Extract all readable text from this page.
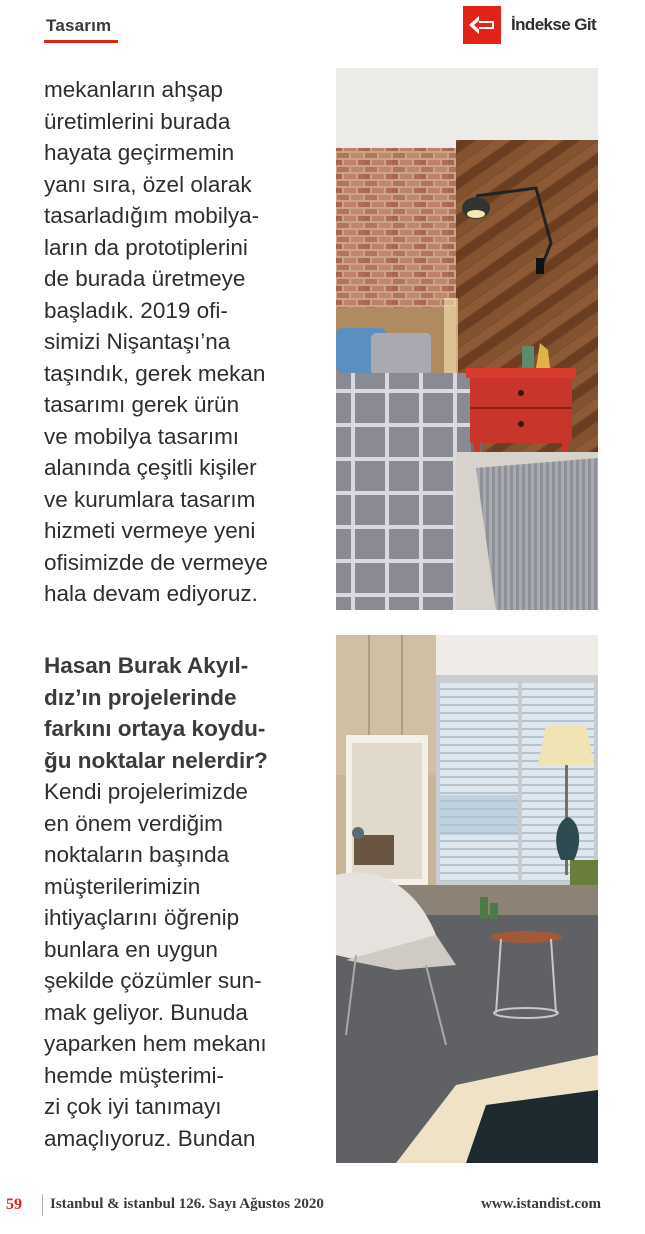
Tasarım	İndekse Git

mekanların ahşap
üretimlerini burada
hayata geçirmemin
yanı sıra, özel olarak
tasarladığım mobilya-
ların da prototiplerini
de burada üretmeye
başladık. 2019 ofi-
simizi Nişantaşı’na
taşındık, gerek mekan
tasarımı gerek ürün
ve mobilya tasarımı
alanında çeşitli kişiler
ve kurumlara tasarım
hizmeti vermeye yeni
ofisimizde de vermeye
hala devam ediyoruz.

Hasan Burak Akyıl-
dız’ın projelerinde
farkını ortaya koydu-
ğu noktalar nelerdir?

Kendi projelerimizde
en önem verdiğim
noktaların başında
müşterilerimizin
ihtiyaçlarını öğrenip
bunlara en uygun
şekilde çözümler sun-
mak geliyor. Bunuda
yaparken hem mekanı
hemde müşterimi-
zi çok iyi tanımayı
amaçlıyoruz. Bundan

59 Istanbul & istanbul 126. Sayı Ağustos 2020	www.istandist.com
